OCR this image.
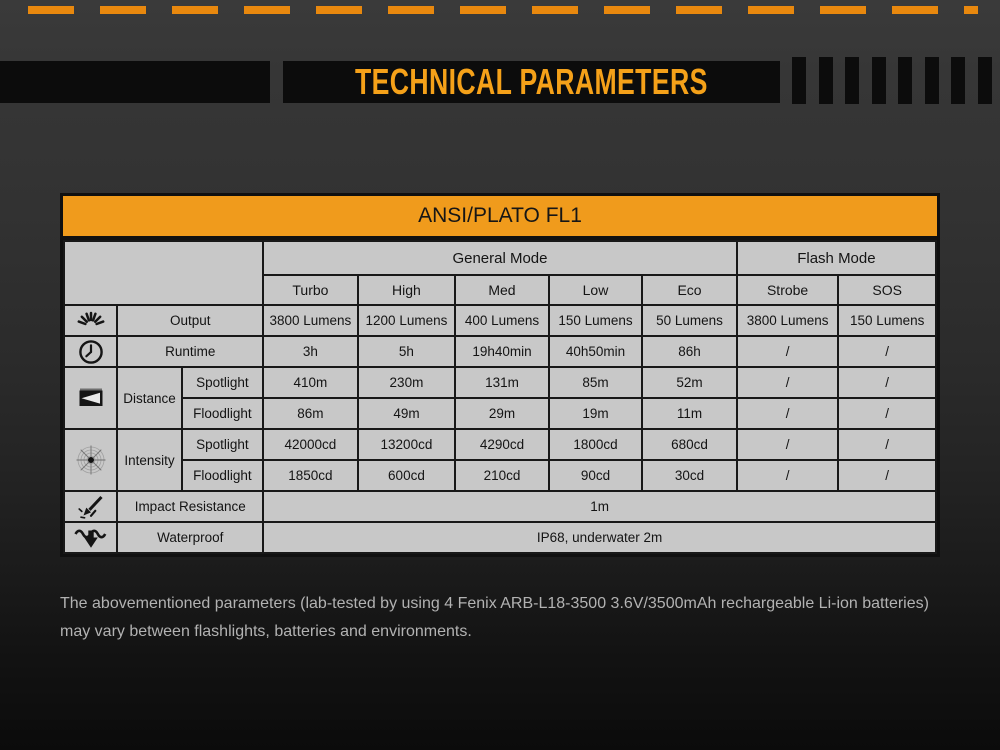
TECHNICAL PARAMETERS
ANSI/PLATO FL1
			General Mode					Flash Mode	
			Turbo	High	Med	Low	Eco	Strobe	SOS

	Output		3800 Lumens	1200 Lumens	400 Lumens	150 Lumens	50 Lumens	3800 Lumens	150 Lumens

	Runtime		3h	5h	19h40min	40h50min	86h	/	/

	Distance	Spotlight	410m	230m	131m	85m	52m	/	/
		Floodlight	86m	49m	29m	19m	11m	/	/

	Intensity	Spotlight	42000cd	13200cd	4290cd	1800cd	680cd	/	/
		Floodlight	1850cd	600cd	210cd	90cd	30cd	/	/

	Impact Resistance		1m						

	Waterproof		IP68, underwater 2m						

The abovementioned parameters (lab-tested by using 4 Fenix ARB-L18-3500 3.6V/3500mAh rechargeable Li-ion batteries)
may vary between flashlights, batteries and environments.
